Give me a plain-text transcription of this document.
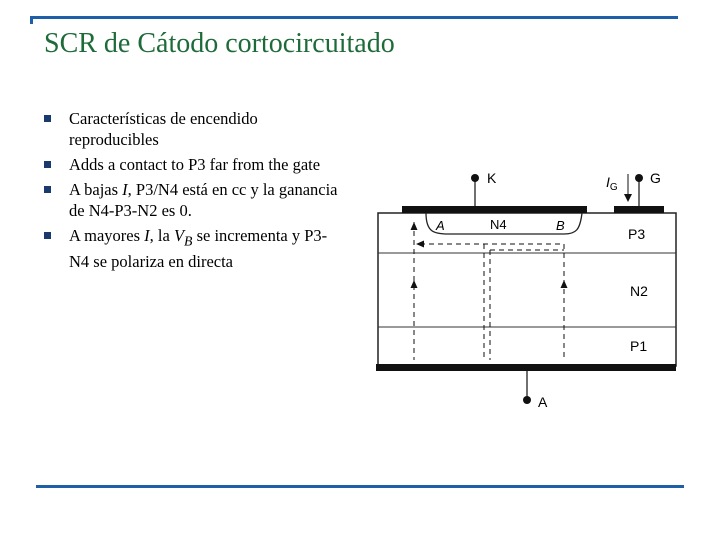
SCR de Cátodo cortocircuitado
Características de encendido reproducibles
Adds a contact to P3 far from the gate
A bajas I, P3/N4 está en cc y la ganancia de N4-P3-N2 es 0.
A mayores I, la $V_B$ se incrementa y P3-N4 se polariza en directa
K	$I_G$
G
A	N4	B
P3
N2
P1
A
